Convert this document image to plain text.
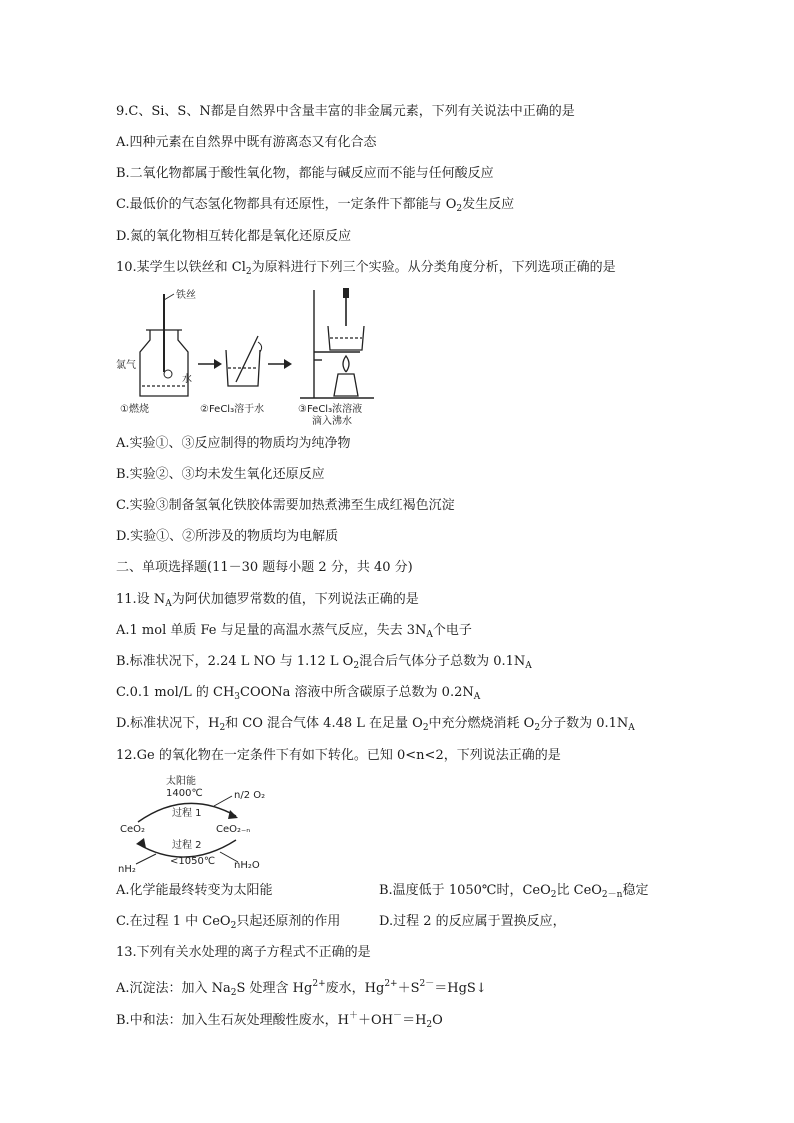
9.C、Si、S、N都是自然界中含量丰富的非金属元素，下列有关说法中正确的是
A.四种元素在自然界中既有游离态又有化合态
B.二氧化物都属于酸性氧化物，都能与碱反应而不能与任何酸反应
C.最低价的气态氢化物都具有还原性，一定条件下都能与 $O_2$发生反应
D.氮的氧化物相互转化都是氧化还原反应
10.某学生以铁丝和 $Cl_2$为原料进行下列三个实验。从分类角度分析，下列选项正确的是
铁丝
氯气
水
①燃烧	②FeCl₃溶于水	③FeCl₃浓溶液
滴入沸水
A.实验①、③反应制得的物质均为纯净物
B.实验②、③均未发生氧化还原反应
C.实验③制备氢氧化铁胶体需要加热煮沸至生成红褐色沉淀
D.实验①、②所涉及的物质均为电解质
二、单项选择题(11－30 题每小题 2 分，共 40 分)
11.设 $N_A$为阿伏加德罗常数的值，下列说法正确的是
A.1 mol 单质 Fe 与足量的高温水蒸气反应，失去 $3N_A$个电子
B.标准状况下，2.24 L NO 与 1.12 L $O_2$混合后气体分子总数为 $0.1N_A$
C.0.1 mol/L 的 $CH_3COONa$ 溶液中所含碳原子总数为 $0.2N_A$
D.标准状况下，$H_2$和 CO 混合气体 4.48 L 在足量 $O_2$中充分燃烧消耗 $O_2$分子数为 $0.1N_A$
12.Ge 的氧化物在一定条件下有如下转化。已知 0<n<2，下列说法正确的是
太阳能
1400℃	n/2 O₂
过程 1
CeO₂	CeO₂₋ₙ
过程 2
<1050℃
nH₂	nH₂O
A.化学能最终转变为太阳能	B.温度低于 1050℃时，CeO$_2$比 CeO$_{2-n}$稳定
C.在过程 1 中 CeO$_2$只起还原剂的作用	D.过程 2 的反应属于置换反应，
13.下列有关水处理的离子方程式不正确的是
A.沉淀法：加入 $Na_2S$ 处理含 $Hg^{2+}$废水，$Hg^{2+}+S^{2-}=HgS↓$
B.中和法：加入生石灰处理酸性废水，$H^++OH^-=H_2O$
